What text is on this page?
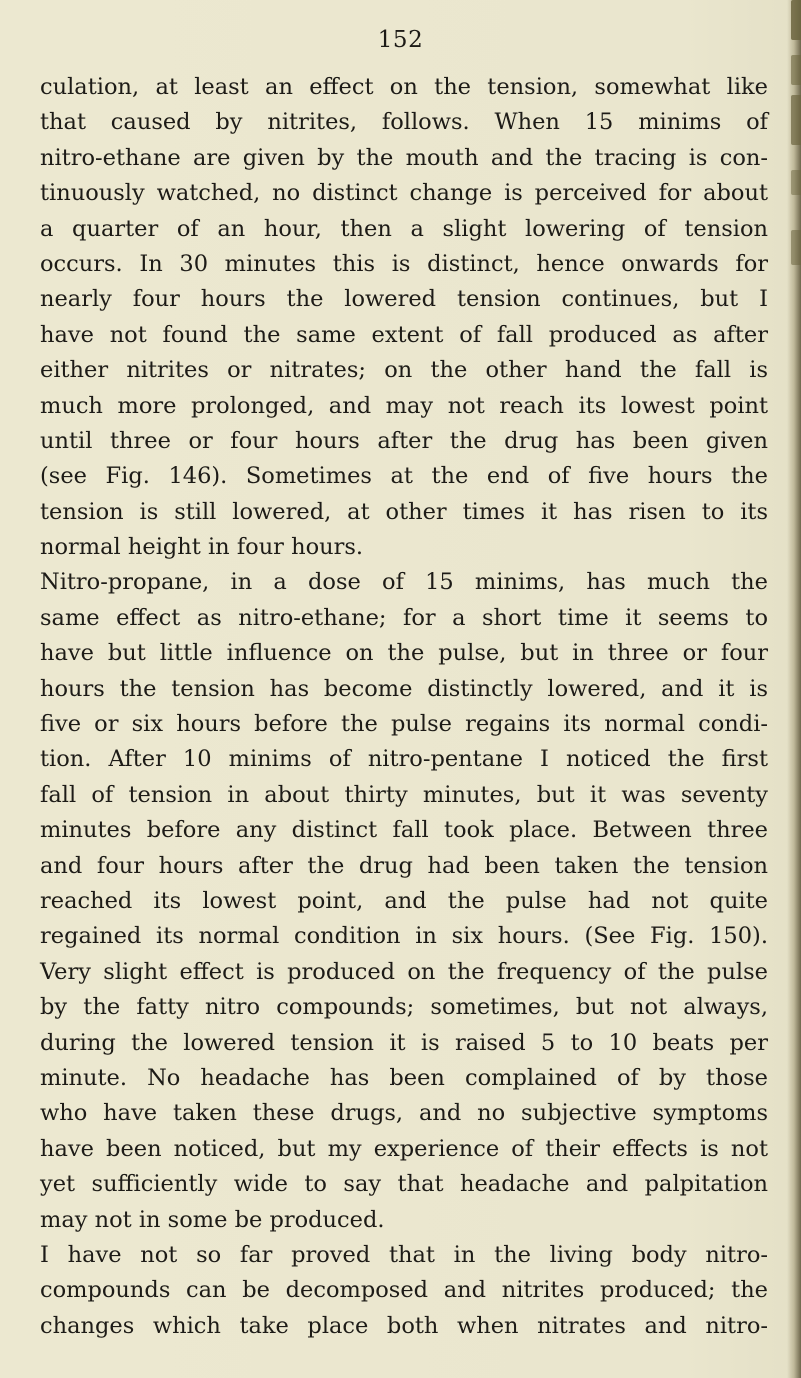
152
culation, at least an effect on the tension, somewhat like
that caused by nitrites, follows. When 15 minims of
nitro-ethane are given by the mouth and the tracing is con-
tinuously watched, no distinct change is perceived for about
a quarter of an hour, then a slight lowering of tension
occurs. In 30 minutes this is distinct, hence onwards for
nearly four hours the lowered tension continues, but I
have not found the same extent of fall produced as after
either nitrites or nitrates; on the other hand the fall is
much more prolonged, and may not reach its lowest point
until three or four hours after the drug has been given
(see Fig. 146). Sometimes at the end of five hours the
tension is still lowered, at other times it has risen to its
normal height in four hours.
Nitro-propane, in a dose of 15 minims, has much the
same effect as nitro-ethane; for a short time it seems to
have but little influence on the pulse, but in three or four
hours the tension has become distinctly lowered, and it is
five or six hours before the pulse regains its normal condi-
tion. After 10 minims of nitro-pentane I noticed the first
fall of tension in about thirty minutes, but it was seventy
minutes before any distinct fall took place. Between three
and four hours after the drug had been taken the tension
reached its lowest point, and the pulse had not quite
regained its normal condition in six hours. (See Fig. 150).
Very slight effect is produced on the frequency of the pulse
by the fatty nitro compounds; sometimes, but not always,
during the lowered tension it is raised 5 to 10 beats per
minute. No headache has been complained of by those
who have taken these drugs, and no subjective symptoms
have been noticed, but my experience of their effects is not
yet sufficiently wide to say that headache and palpitation
may not in some be produced.
I have not so far proved that in the living body nitro-
compounds can be decomposed and nitrites produced; the
changes which take place both when nitrates and nitro-
